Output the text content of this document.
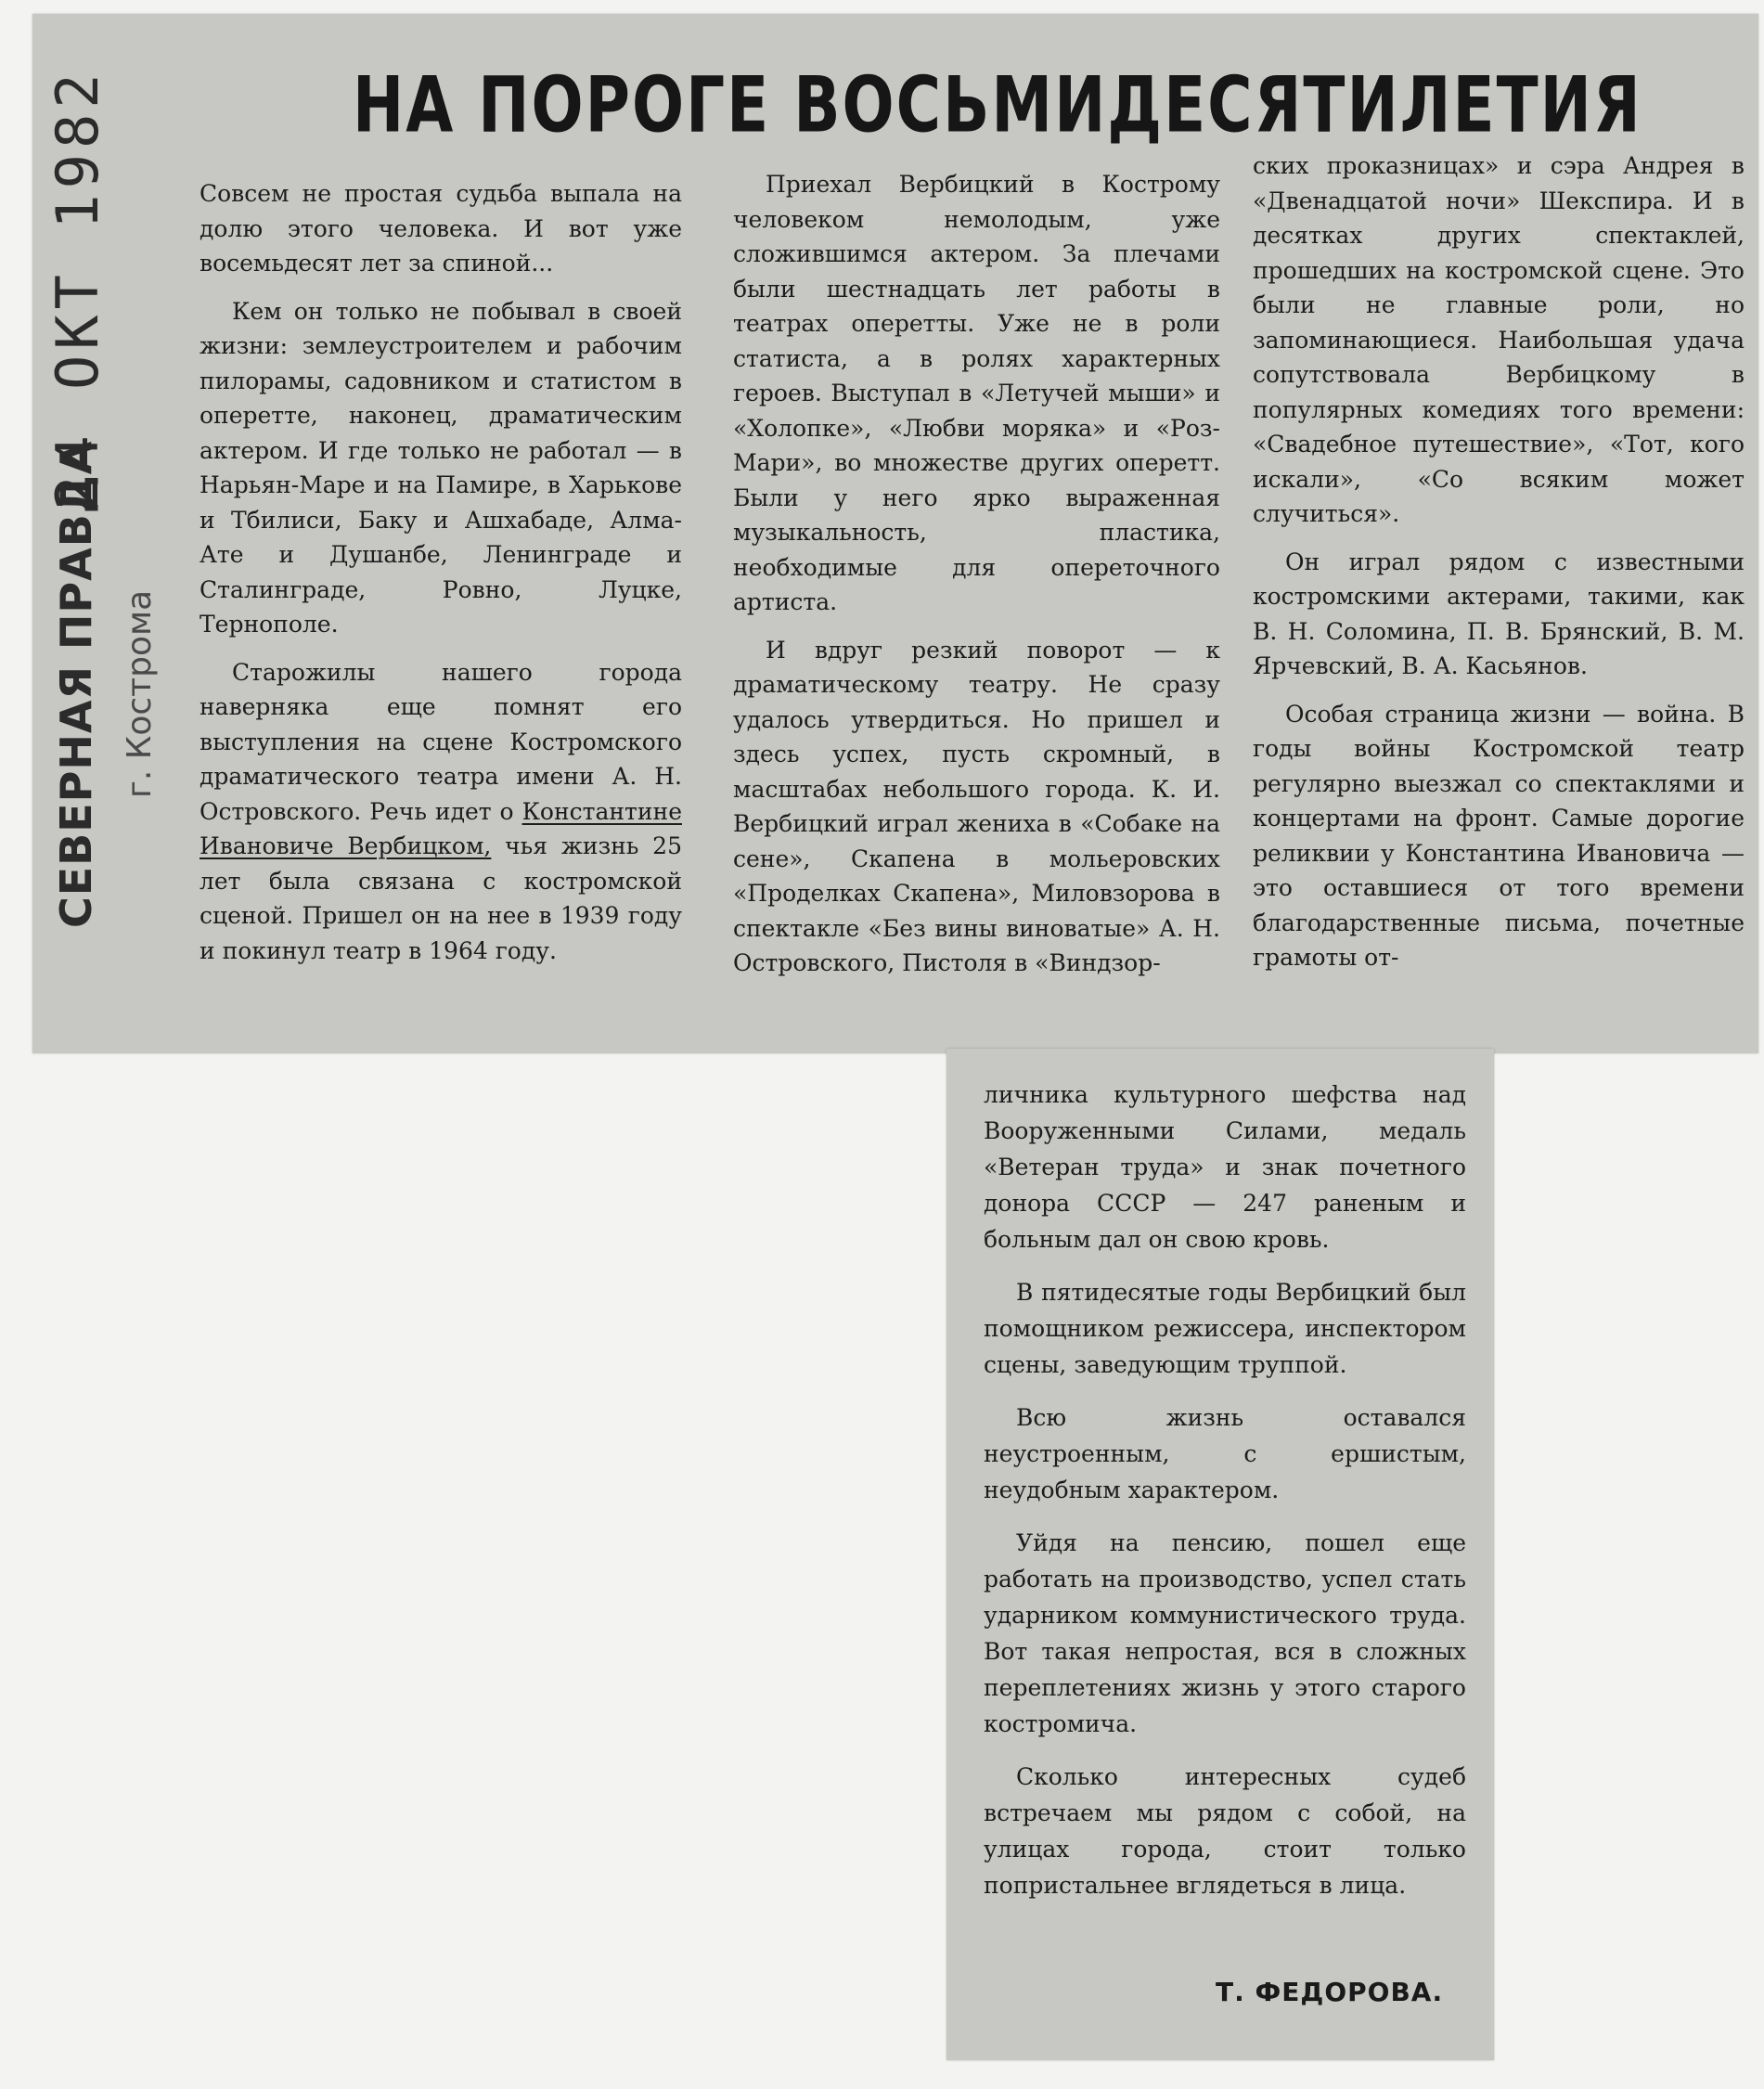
НА ПОРОГЕ ВОСЬМИДЕСЯТИЛЕТИЯ
СЕВЕРНАЯ ПРАВДА
24 ОКТ 1982
г. Кострома

Совсем не простая судьба выпала на долю этого человека. И вот уже восемьдесят лет за спиной...

Кем он только не побывал в своей жизни: землеустроителем и рабочим пилорамы, садовником и статистом в оперетте, наконец, драматическим актером. И где только не работал — в Нарьян-Маре и на Памире, в Харькове и Тбилиси, Баку и Ашхабаде, Алма-Ате и Душанбе, Ленинграде и Сталинграде, Ровно, Луцке, Тернополе.

Старожилы нашего города наверняка еще помнят его выступления на сцене Костромского драматического театра имени А. Н. Островского. Речь идет о Константине Ивановиче Вербицком, чья жизнь 25 лет была связана с костромской сценой. Пришел он на нее в 1939 году и покинул театр в 1964 году.

Приехал Вербицкий в Кострому человеком немолодым, уже сложившимся актером. За плечами были шестнадцать лет работы в театрах оперетты. Уже не в роли статиста, а в ролях характерных героев. Выступал в «Летучей мыши» и «Холопке», «Любви моряка» и «Роз-Мари», во множестве других оперетт. Были у него ярко выраженная музыкальность, пластика, необходимые для опереточного артиста.

И вдруг резкий поворот — к драматическому театру. Не сразу удалось утвердиться. Но пришел и здесь успех, пусть скромный, в масштабах небольшого города. К. И. Вербицкий играл жениха в «Собаке на сене», Скапена в мольеровских «Проделках Скапена», Миловзорова в спектакле «Без вины виноватые» А. Н. Островского, Пистоля в «Виндзор-

ских проказницах» и сэра Андрея в «Двенадцатой ночи» Шекспира. И в десятках других спектаклей, прошедших на костромской сцене. Это были не главные роли, но запоминающиеся. Наибольшая удача сопутствовала Вербицкому в популярных комедиях того времени: «Свадебное путешествие», «Тот, кого искали», «Со всяким может случиться».

Он играл рядом с известными костромскими актерами, такими, как В. Н. Соломина, П. В. Брянский, В. М. Ярчевский, В. А. Касьянов.

Особая страница жизни — война. В годы войны Костромской театр регулярно выезжал со спектаклями и концертами на фронт. Самые дорогие реликвии у Константина Ивановича — это оставшиеся от того времени благодарственные письма, почетные грамоты от-

личника культурного шефства над Вооруженными Силами, медаль «Ветеран труда» и знак почетного донора СССР — 247 раненым и больным дал он свою кровь.

В пятидесятые годы Вербицкий был помощником режиссера, инспектором сцены, заведующим труппой.

Всю жизнь оставался неустроенным, с ершистым, неудобным характером.

Уйдя на пенсию, пошел еще работать на производство, успел стать ударником коммунистического труда. Вот такая непростая, вся в сложных переплетениях жизнь у этого старого костромича.

Сколько интересных судеб встречаем мы рядом с собой, на улицах города, стоит только попристальнее вглядеться в лица.

Т. ФЕДОРОВА.
